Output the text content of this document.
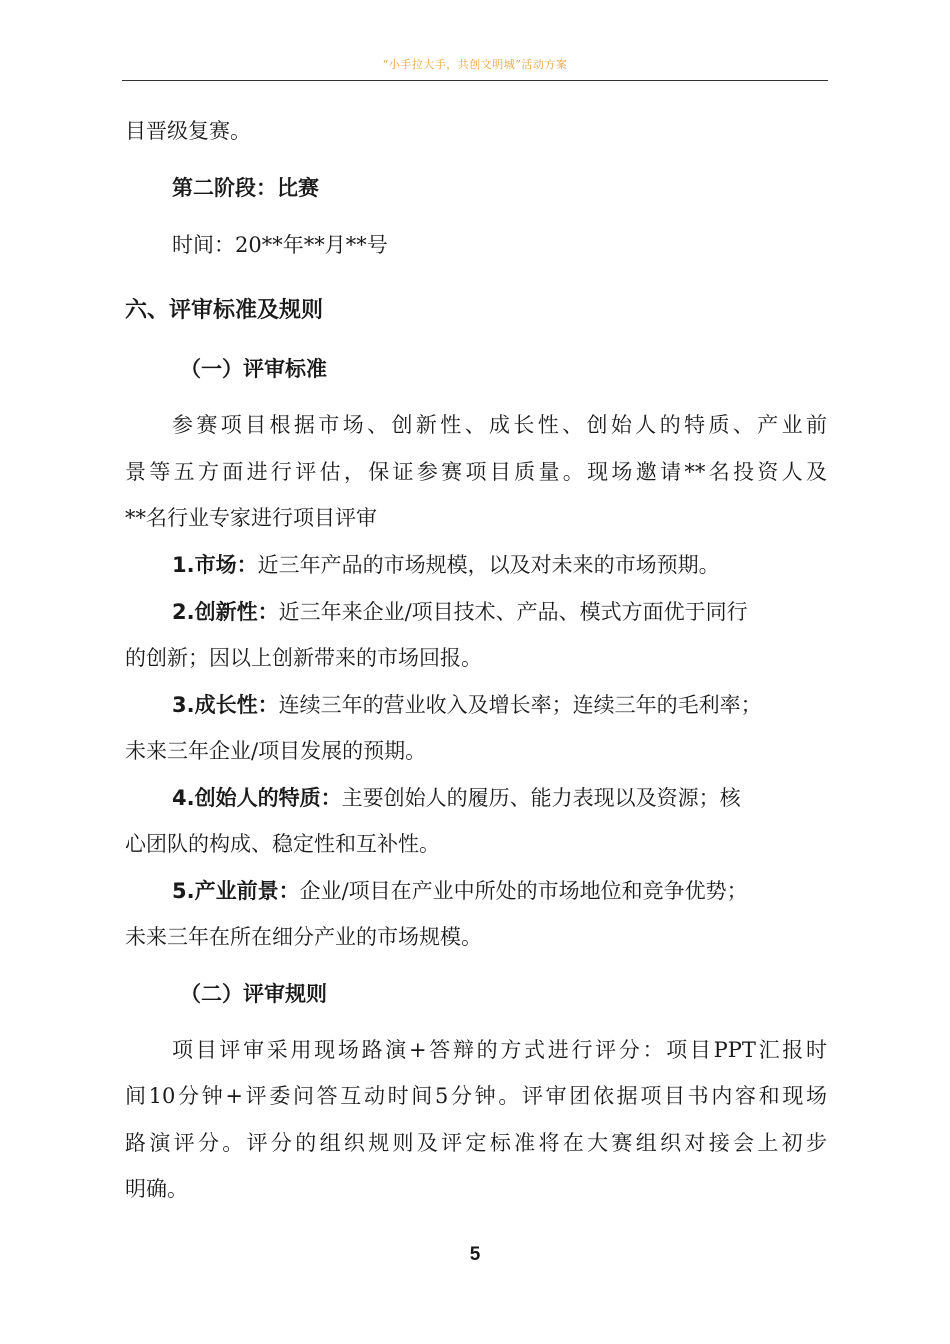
“小手拉大手，共创文明城”活动方案
目晋级复赛。
第二阶段：比赛
时间：20**年**月**号
六、评审标准及规则
（一）评审标准
参赛项目根据市场、创新性、成长性、创始人的特质、产业前
景等五方面进行评估，保证参赛项目质量。现场邀请**名投资人及
**名行业专家进行项目评审
1.市场：近三年产品的市场规模，以及对未来的市场预期。
2.创新性：近三年来企业/项目技术、产品、模式方面优于同行
的创新；因以上创新带来的市场回报。
3.成长性：连续三年的营业收入及增长率；连续三年的毛利率；
未来三年企业/项目发展的预期。
4.创始人的特质：主要创始人的履历、能力表现以及资源；核
心团队的构成、稳定性和互补性。
5.产业前景：企业/项目在产业中所处的市场地位和竞争优势；
未来三年在所在细分产业的市场规模。
（二）评审规则
项目评审采用现场路演+答辩的方式进行评分：项目PPT汇报时
间10分钟+评委问答互动时间5分钟。评审团依据项目书内容和现场
路演评分。评分的组织规则及评定标准将在大赛组织对接会上初步
明确。
5
